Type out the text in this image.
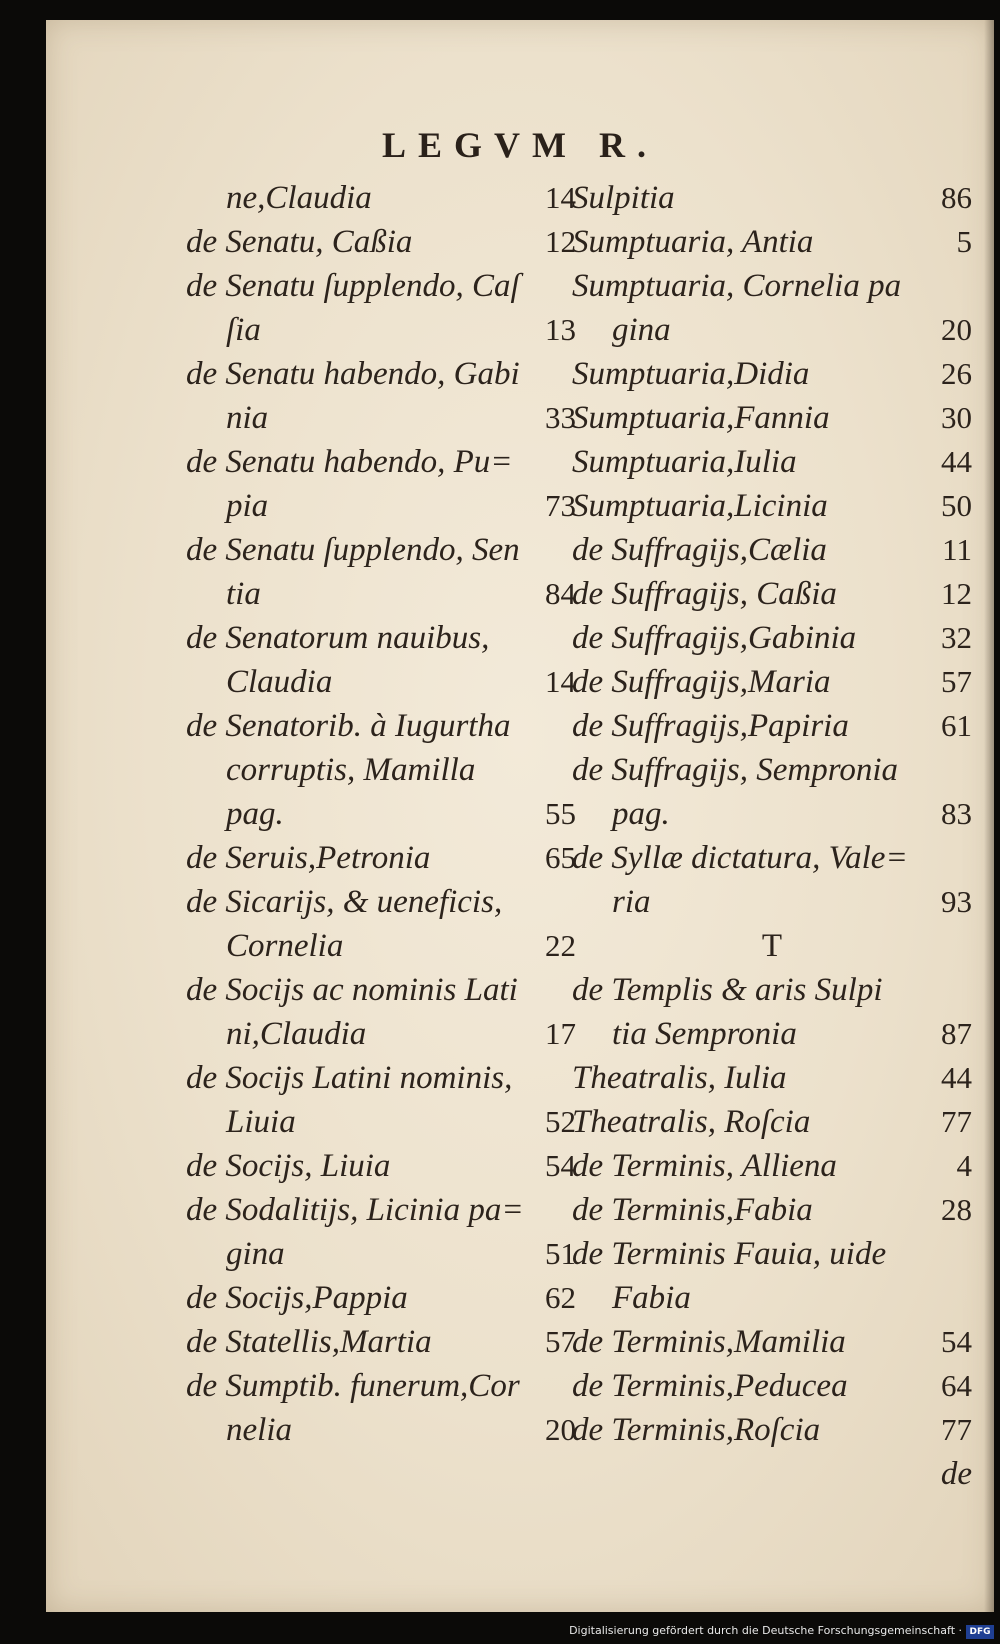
LEGVM R.
ne,Claudia	14
de Senatu, Caßia	12
de Senatu ſupplendo, Caſ
ſia	13
de Senatu habendo, Gabi
nia	33
de Senatu habendo, Pu=
pia	73
de Senatu ſupplendo, Sen
tia	84
de Senatorum nauibus,
Claudia	14
de Senatorib. à Iugurtha
corruptis, Mamilla
pag.	55
de Seruis,Petronia	65
de Sicarijs, & ueneficis,
Cornelia	22
de Socijs ac nominis Lati
ni,Claudia	17
de Socijs Latini nominis,
Liuia	52
de Socijs, Liuia	54
de Sodalitijs, Licinia pa=
gina	51
de Socijs,Pappia	62
de Statellis,Martia	57
de Sumptib. funerum,Cor
nelia	20
Sulpitia	86
Sumptuaria, Antia	5
Sumptuaria, Cornelia pa
gina	20
Sumptuaria,Didia	26
Sumptuaria,Fannia	30
Sumptuaria,Iulia	44
Sumptuaria,Licinia	50
de Suffragijs,Cælia	11
de Suffragijs, Caßia	12
de Suffragijs,Gabinia	32
de Suffragijs,Maria	57
de Suffragijs,Papiria	61
de Suffragijs, Sempronia
pag.	83
de Syllæ dictatura, Vale=
ria	93
T
de Templis & aris Sulpi
tia Sempronia	87
Theatralis, Iulia	44
Theatralis, Roſcia	77
de Terminis, Alliena	4
de Terminis,Fabia	28
de Terminis Fauia, uide
Fabia
de Terminis,Mamilia	54
de Terminis,Peducea	64
de Terminis,Roſcia	77
de
Digitalisierung gefördert durch die Deutsche Forschungsgemeinschaft · DFG
